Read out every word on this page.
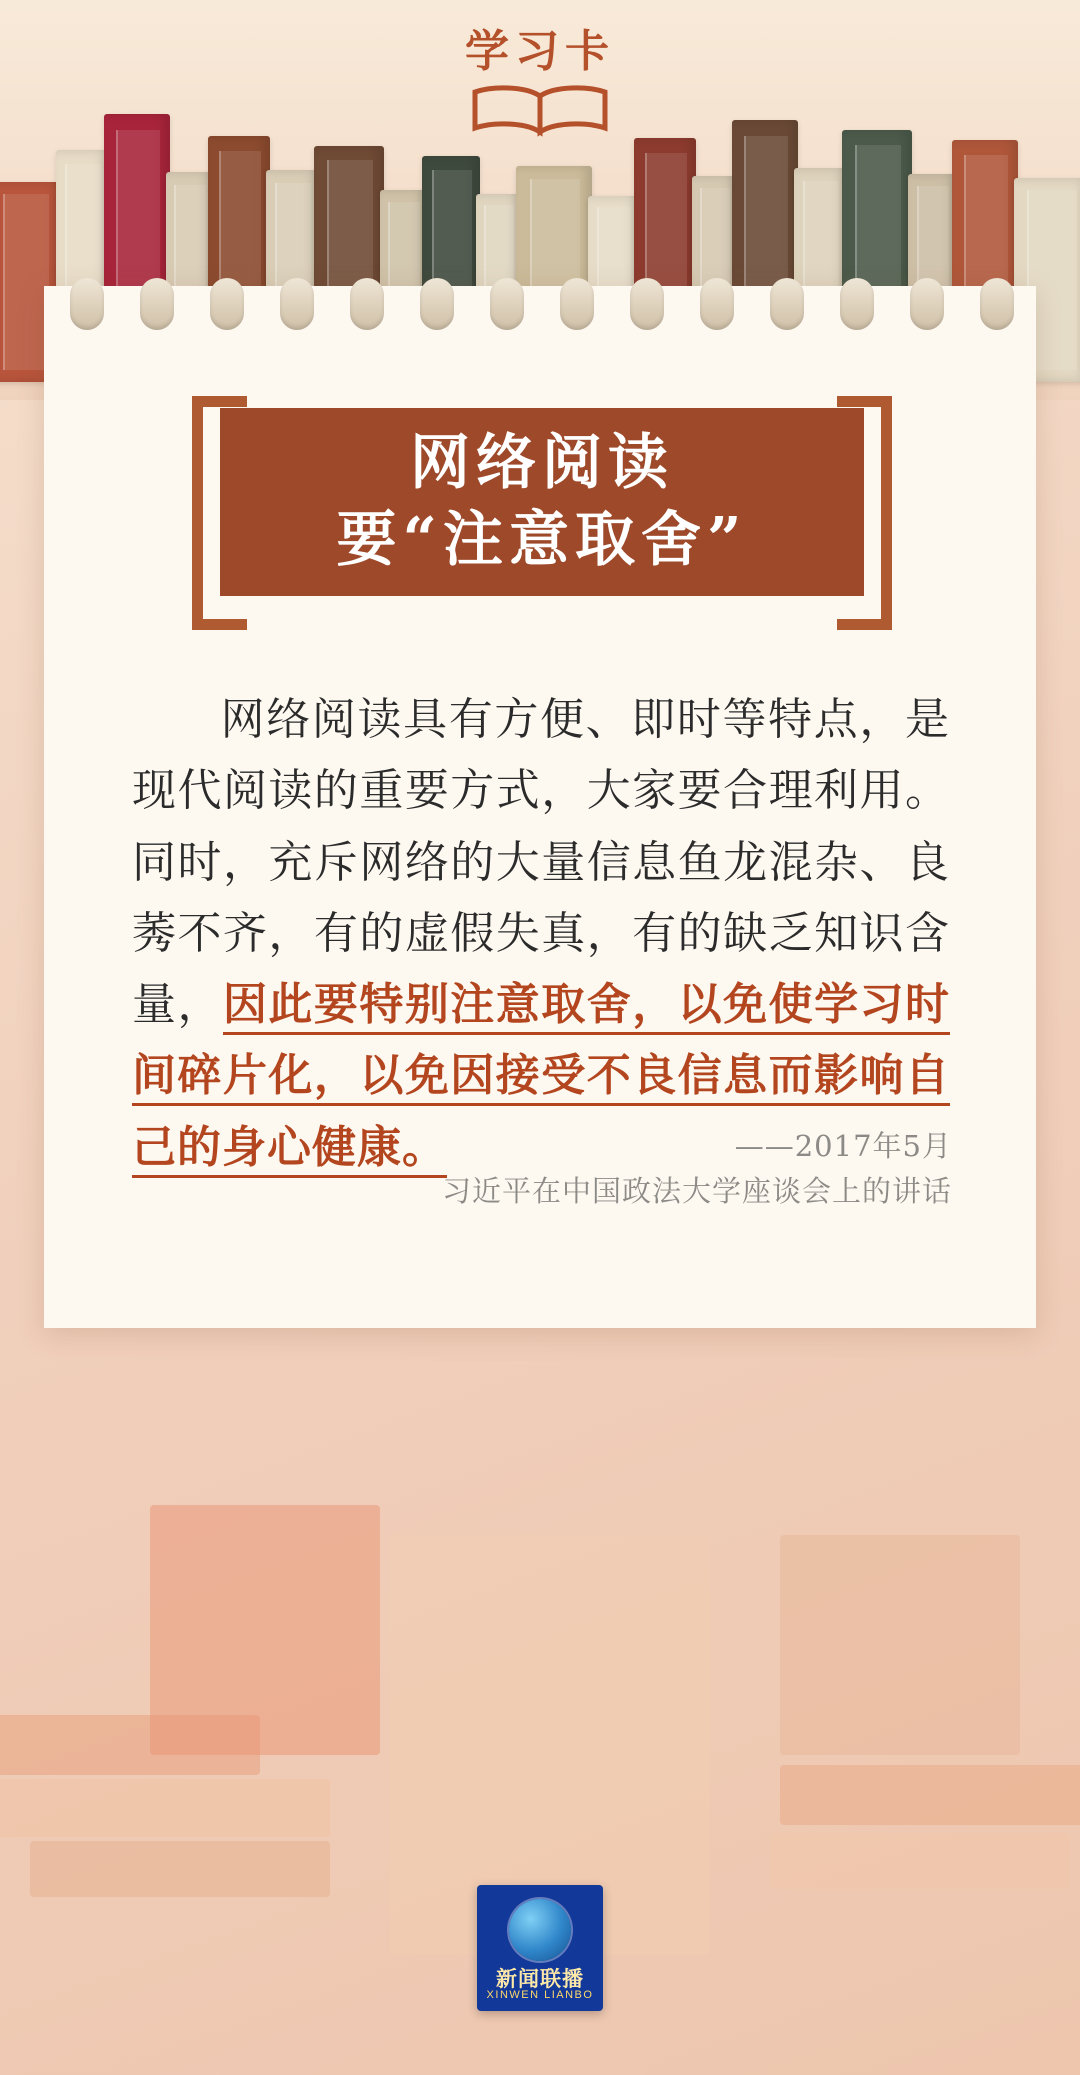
学习卡
新闻联播
XINWEN LIANBO
网络阅读
要“注意取舍”
网络阅读具有方便、即时等特点，是现代阅读的重要方式，大家要合理利用。同时，充斥网络的大量信息鱼龙混杂、良莠不齐，有的虚假失真，有的缺乏知识含量，因此要特别注意取舍，以免使学习时间碎片化，以免因接受不良信息而影响自己的身心健康。	——2017年5月
习近平在中国政法大学座谈会上的讲话
